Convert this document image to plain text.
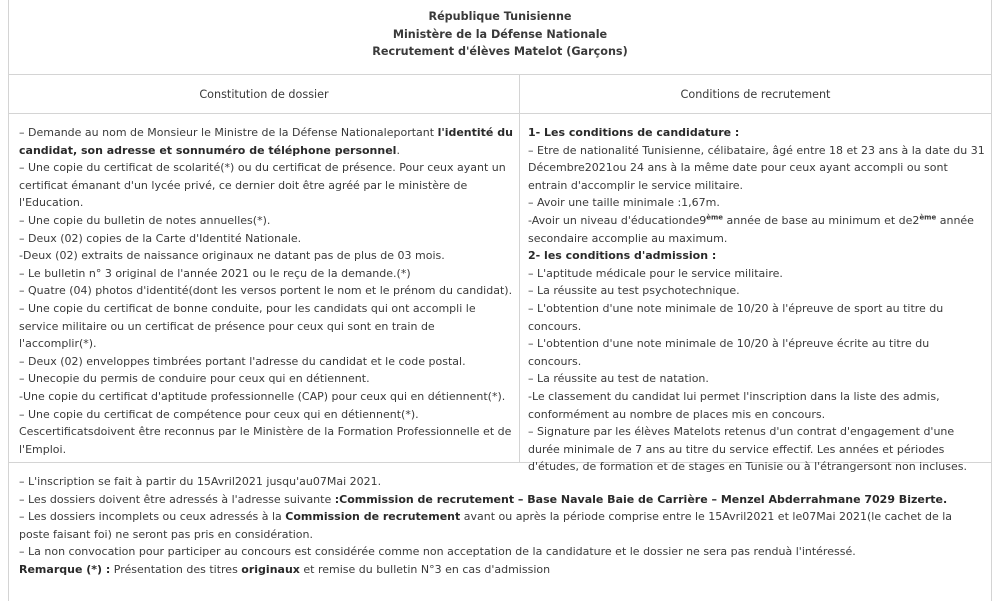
République Tunisienne
Ministère de la Défense Nationale
Recrutement d'élèves Matelot (Garçons)
Constitution de dossier	Conditions de recrutement
– Demande au nom de Monsieur le Ministre de la Défense Nationaleportant l'identité du candidat, son adresse et sonnuméro de téléphone personnel.
– Une copie du certificat de scolarité(*) ou du certificat de présence. Pour ceux ayant un certificat émanant d'un lycée privé, ce dernier doit être agréé par le ministère de l'Education.
– Une copie du bulletin de notes annuelles(*).
– Deux (02) copies de la Carte d'Identité Nationale.
-Deux (02) extraits de naissance originaux ne datant pas de plus de 03 mois.
– Le bulletin n° 3 original de l'année 2021 ou le reçu de la demande.(*)
– Quatre (04) photos d'identité(dont les versos portent le nom et le prénom du candidat).
– Une copie du certificat de bonne conduite, pour les candidats qui ont accompli le service militaire ou un certificat de présence pour ceux qui sont en train de l'accomplir(*).
– Deux (02) enveloppes timbrées portant l'adresse du candidat et le code postal.
– Unecopie du permis de conduire pour ceux qui en détiennent.
-Une copie du certificat d'aptitude professionnelle (CAP) pour ceux qui en détiennent(*).
– Une copie du certificat de compétence pour ceux qui en détiennent(*).
Cescertificatsdoivent être reconnus par le Ministère de la Formation Professionnelle et de l'Emploi.
1- Les conditions de candidature :
– Etre de nationalité Tunisienne, célibataire, âgé entre 18 et 23 ans à la date du 31 Décembre2021ou 24 ans à la même date pour ceux ayant accompli ou sont entrain d'accomplir le service militaire.
– Avoir une taille minimale :1,67m.
-Avoir un niveau d'éducationde9ème année de base au minimum et de2ème année secondaire accomplie au maximum.
2- les conditions d'admission :
– L'aptitude médicale pour le service militaire.
– La réussite au test psychotechnique.
– L'obtention d'une note minimale de 10/20 à l'épreuve de sport au titre du concours.
– L'obtention d'une note minimale de 10/20 à l'épreuve écrite au titre du concours.
– La réussite au test de natation.
-Le classement du candidat lui permet l'inscription dans la liste des admis, conformément au nombre de places mis en concours.
– Signature par les élèves Matelots retenus d'un contrat d'engagement d'une durée minimale de 7 ans au titre du service effectif. Les années et périodes d'études, de formation et de stages en Tunisie ou à l'étrangersont non incluses.
– L'inscription se fait à partir du 15Avril2021 jusqu'au07Mai 2021.
– Les dossiers doivent être adressés à l'adresse suivante :Commission de recrutement – Base Navale Baie de Carrière – Menzel Abderrahmane 7029 Bizerte.
– Les dossiers incomplets ou ceux adressés à la Commission de recrutement avant ou après la période comprise entre le 15Avril2021 et le07Mai 2021(le cachet de la poste faisant foi) ne seront pas pris en considération.
– La non convocation pour participer au concours est considérée comme non acceptation de la candidature et le dossier ne sera pas renduà l'intéressé.
Remarque (*) : Présentation des titres originaux et remise du bulletin N°3 en cas d'admission
